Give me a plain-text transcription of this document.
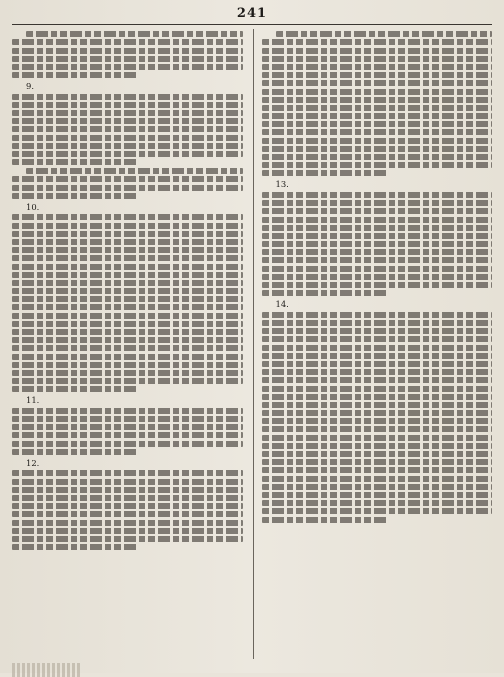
241
9.
10.
11.
12.
13.
14.
